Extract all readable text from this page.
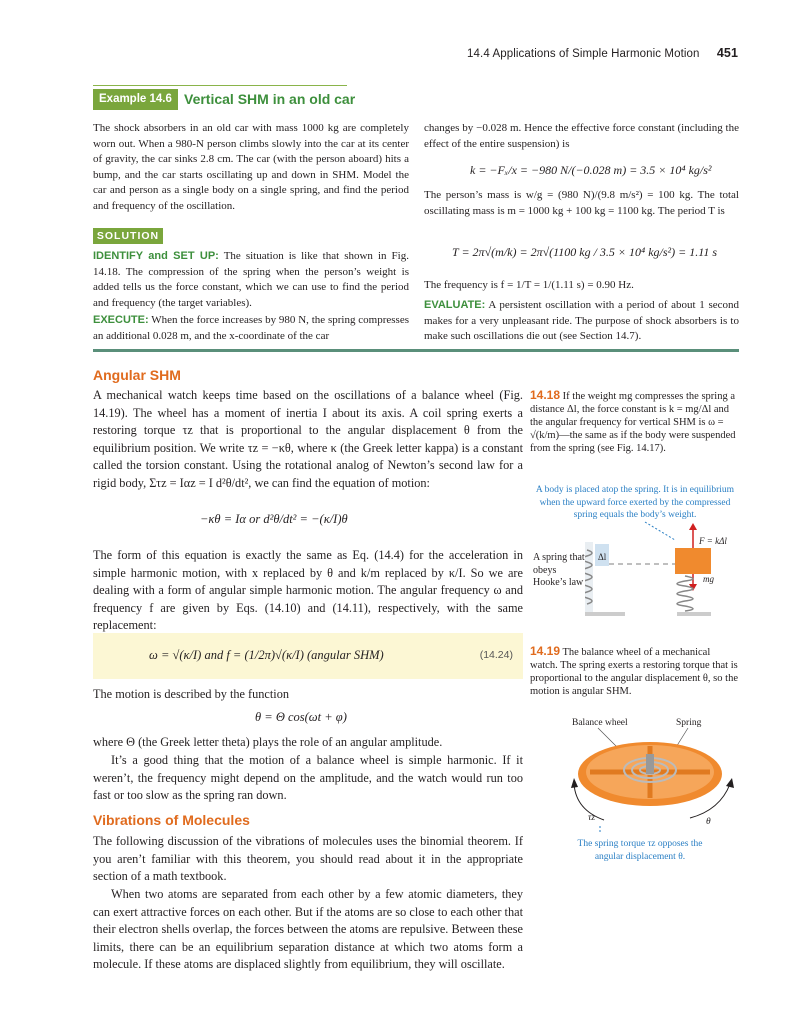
14.4 Applications of Simple Harmonic Motion 451
Example 14.6 Vertical SHM in an old car
The shock absorbers in an old car with mass 1000 kg are completely worn out. When a 980-N person climbs slowly into the car at its center of gravity, the car sinks 2.8 cm. The car (with the person aboard) hits a bump, and the car starts oscillating up and down in SHM. Model the car and person as a single body on a single spring, and find the period and frequency of the oscillation.
SOLUTION
IDENTIFY and SET UP: The situation is like that shown in Fig. 14.18. The compression of the spring when the person’s weight is added tells us the force constant, which we can use to find the period and frequency (the target variables).
EXECUTE: When the force increases by 980 N, the spring compresses an additional 0.028 m, and the x-coordinate of the car
changes by −0.028 m. Hence the effective force constant (including the effect of the entire suspension) is
k = −Fₓ/x = −980 N/(−0.028 m) = 3.5 × 10⁴ kg/s²
The person’s mass is w/g = (980 N)/(9.8 m/s²) = 100 kg. The total oscillating mass is m = 1000 kg + 100 kg = 1100 kg. The period T is
T = 2π√(m/k) = 2π√(1100 kg / 3.5 × 10⁴ kg/s²) = 1.11 s
The frequency is f = 1/T = 1/(1.11 s) = 0.90 Hz.
EVALUATE: A persistent oscillation with a period of about 1 second makes for a very unpleasant ride. The purpose of shock absorbers is to make such oscillations die out (see Section 14.7).
Angular SHM
A mechanical watch keeps time based on the oscillations of a balance wheel (Fig. 14.19). The wheel has a moment of inertia I about its axis. A coil spring exerts a restoring torque τz that is proportional to the angular displacement θ from the equilibrium position. We write τz = −κθ, where κ (the Greek letter kappa) is a constant called the torsion constant. Using the rotational analog of Newton’s second law for a rigid body, Στz = Iαz = I d²θ/dt², we can find the equation of motion:
−κθ = Iα or d²θ/dt² = −(κ/I)θ
The form of this equation is exactly the same as Eq. (14.4) for the acceleration in simple harmonic motion, with x replaced by θ and k/m replaced by κ/I. So we are dealing with a form of angular simple harmonic motion. The angular frequency ω and frequency f are given by Eqs. (14.10) and (14.11), respectively, with the same replacement:
ω = √(κ/I) and f = (1/2π)√(κ/I) (angular SHM)	(14.24)
The motion is described by the function
θ = Θ cos(ωt + φ)
where Θ (the Greek letter theta) plays the role of an angular amplitude.
It’s a good thing that the motion of a balance wheel is simple harmonic. If it weren’t, the frequency might depend on the amplitude, and the watch would run too fast or too slow as the spring ran down.
Vibrations of Molecules
The following discussion of the vibrations of molecules uses the binomial theorem. If you aren’t familiar with this theorem, you should read about it in the appropriate section of a math textbook.
When two atoms are separated from each other by a few atomic diameters, they can exert attractive forces on each other. But if the atoms are so close to each other that their electron shells overlap, the forces between the atoms are repulsive. Between these limits, there can be an equilibrium separation distance at which two atoms form a molecule. If these atoms are displaced slightly from equilibrium, they will oscillate.
14.18 If the weight mg compresses the spring a distance Δl, the force constant is k = mg/Δl and the angular frequency for vertical SHM is ω = √(k/m)—the same as if the body were suspended from the spring (see Fig. 14.17).
A body is placed atop the spring. It is in equilibrium when the upward force exerted by the compressed spring equals the body’s weight.
A spring that obeys Hooke’s law
Δl
F = kΔl
mg
14.19 The balance wheel of a mechanical watch. The spring exerts a restoring torque that is proportional to the angular displacement θ, so the motion is angular SHM.
Balance wheel	Spring
τz	θ
The spring torque τz opposes the angular displacement θ.
